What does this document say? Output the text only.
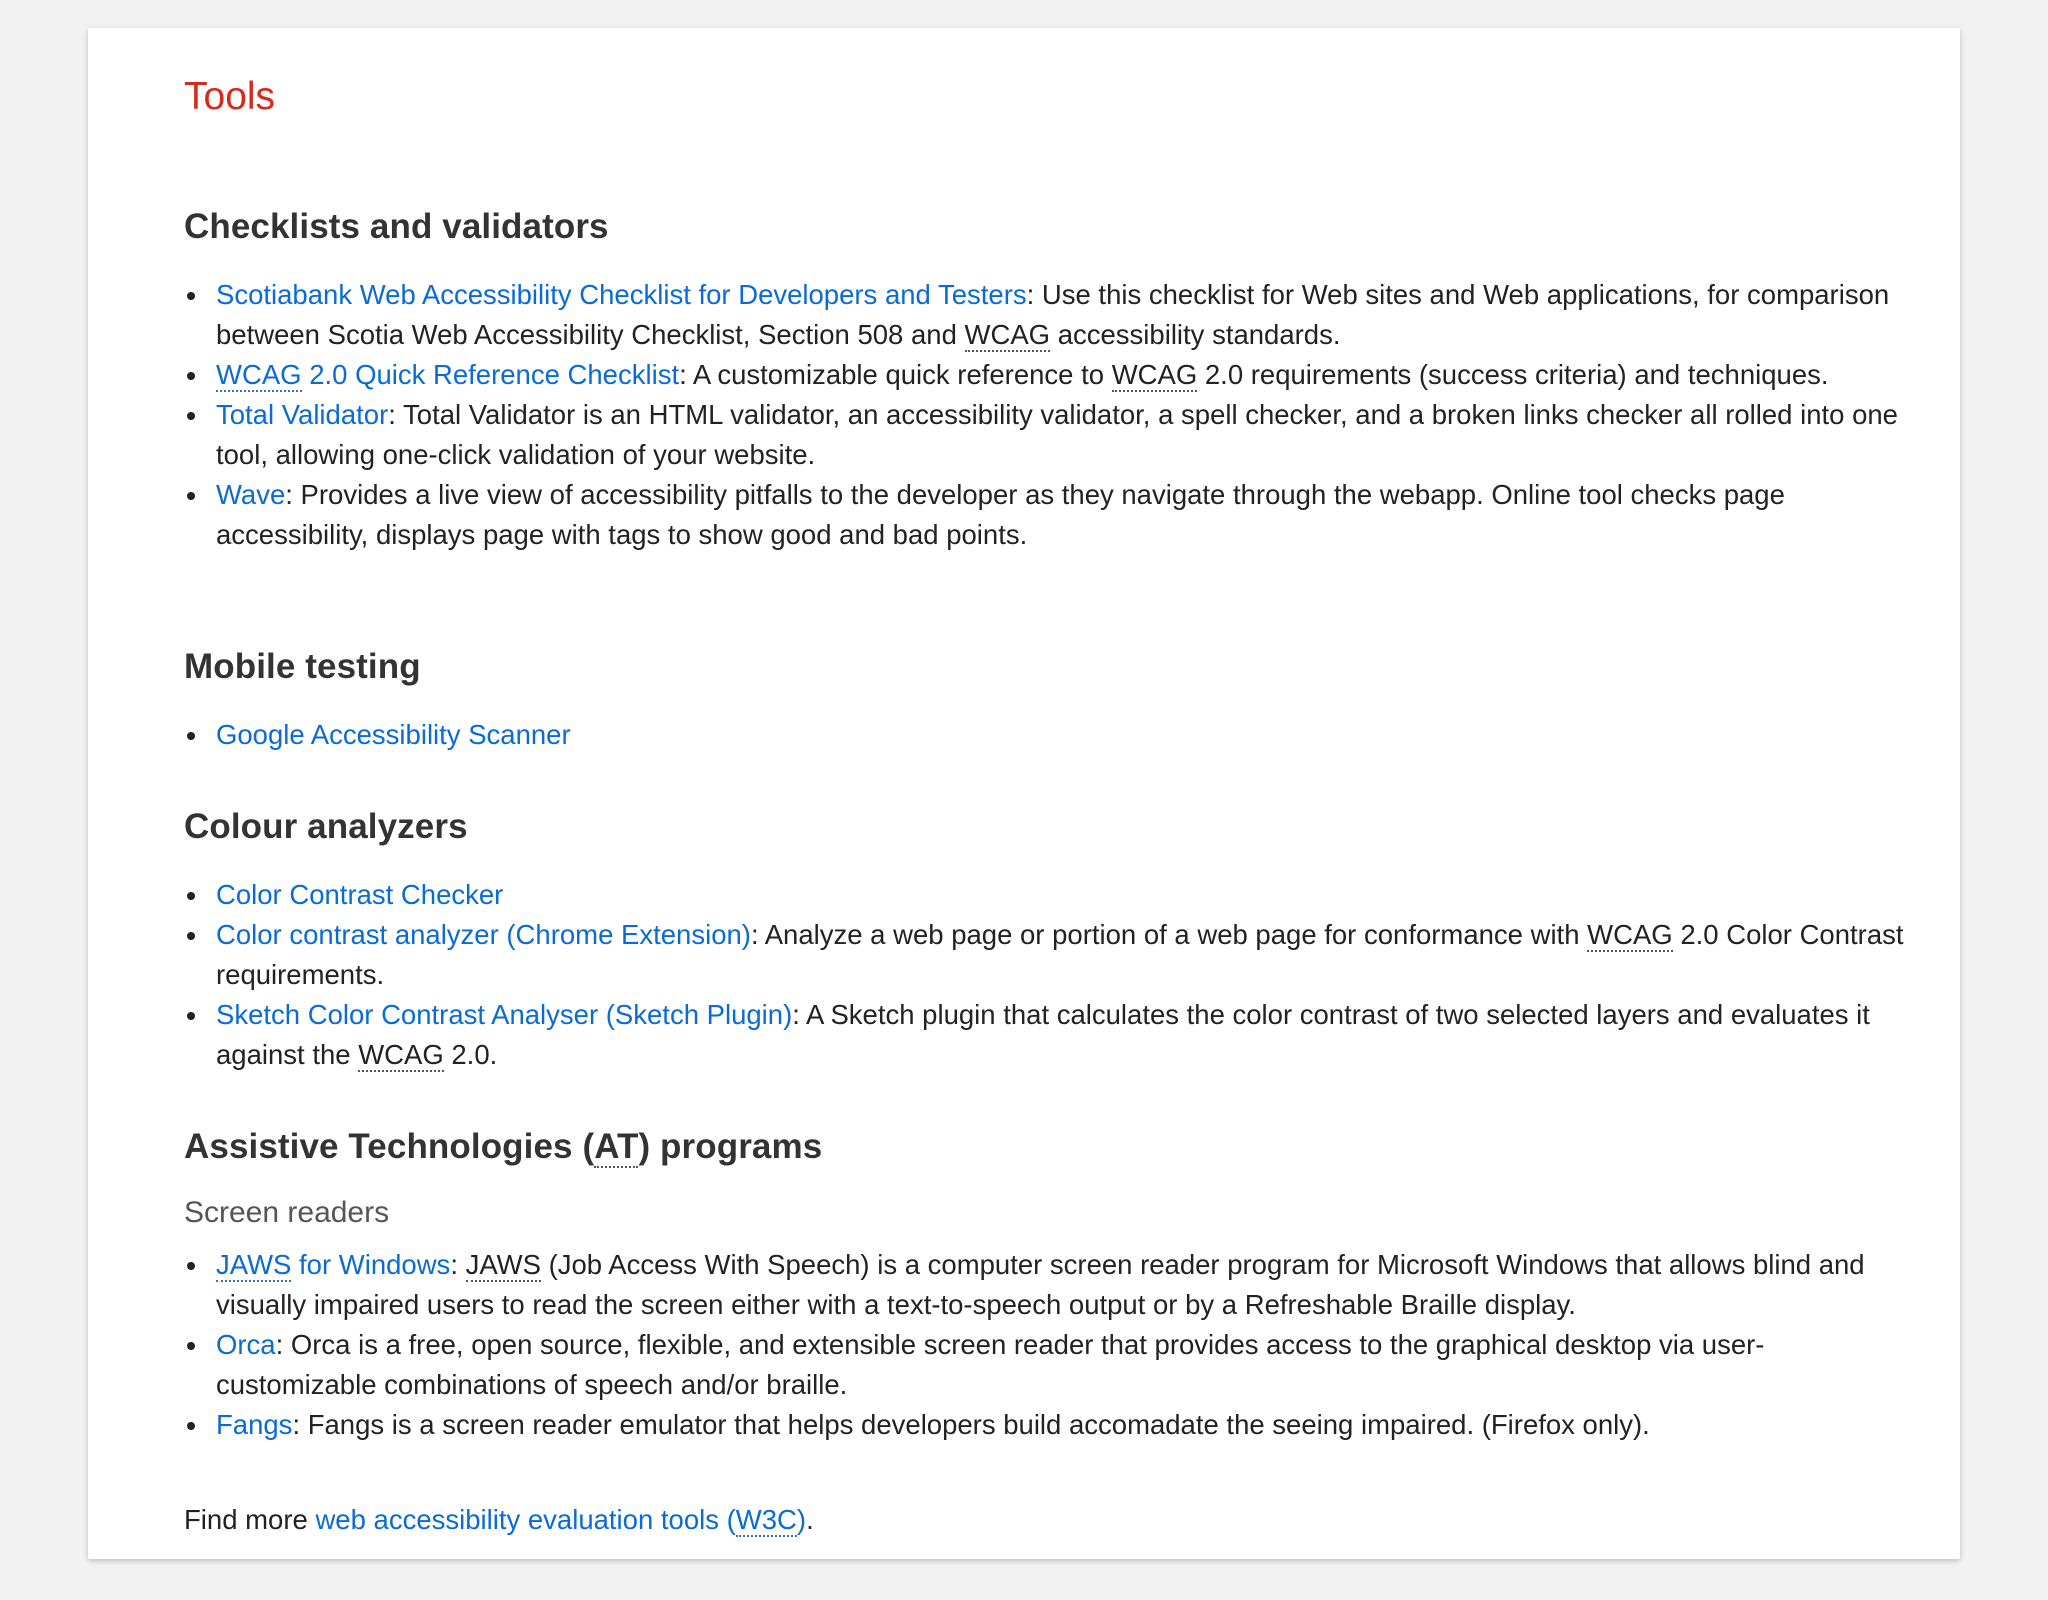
Tools
Checklists and validators
Scotiabank Web Accessibility Checklist for Developers and Testers: Use this checklist for Web sites and Web applications, for comparison between Scotia Web Accessibility Checklist, Section 508 and WCAG accessibility standards.
WCAG 2.0 Quick Reference Checklist: A customizable quick reference to WCAG 2.0 requirements (success criteria) and techniques.
Total Validator: Total Validator is an HTML validator, an accessibility validator, a spell checker, and a broken links checker all rolled into one tool, allowing one-click validation of your website.
Wave: Provides a live view of accessibility pitfalls to the developer as they navigate through the webapp. Online tool checks page accessibility, displays page with tags to show good and bad points.
Mobile testing
Google Accessibility Scanner
Colour analyzers
Color Contrast Checker
Color contrast analyzer (Chrome Extension): Analyze a web page or portion of a web page for conformance with WCAG 2.0 Color Contrast requirements.
Sketch Color Contrast Analyser (Sketch Plugin): A Sketch plugin that calculates the color contrast of two selected layers and evaluates it against the WCAG 2.0.
Assistive Technologies (AT) programs
Screen readers
JAWS for Windows: JAWS (Job Access With Speech) is a computer screen reader program for Microsoft Windows that allows blind and visually impaired users to read the screen either with a text-to-speech output or by a Refreshable Braille display.
Orca: Orca is a free, open source, flexible, and extensible screen reader that provides access to the graphical desktop via user-customizable combinations of speech and/or braille.
Fangs: Fangs is a screen reader emulator that helps developers build accomadate the seeing impaired. (Firefox only).

Find more web accessibility evaluation tools (W3C).
